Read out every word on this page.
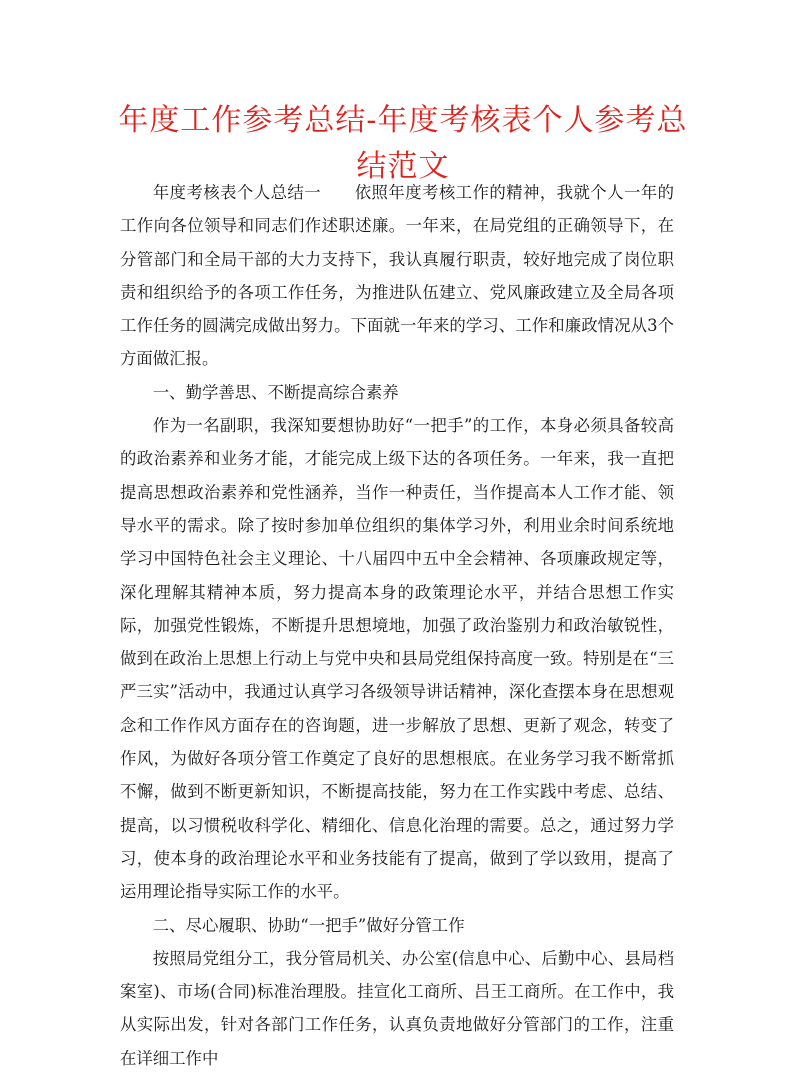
年度工作参考总结-年度考核表个人参考总结范文

年度考核表个人总结一　　依照年度考核工作的精神，我就个人一年的工作向各位领导和同志们作述职述廉。一年来，在局党组的正确领导下，在分管部门和全局干部的大力支持下，我认真履行职责，较好地完成了岗位职责和组织给予的各项工作任务，为推进队伍建立、党风廉政建立及全局各项工作任务的圆满完成做出努力。下面就一年来的学习、工作和廉政情况从3个方面做汇报。

一、勤学善思、不断提高综合素养

作为一名副职，我深知要想协助好“一把手”的工作，本身必须具备较高的政治素养和业务才能，才能完成上级下达的各项任务。一年来，我一直把提高思想政治素养和党性涵养，当作一种责任，当作提高本人工作才能、领导水平的需求。除了按时参加单位组织的集体学习外，利用业余时间系统地学习中国特色社会主义理论、十八届四中五中全会精神、各项廉政规定等，深化理解其精神本质，努力提高本身的政策理论水平，并结合思想工作实际，加强党性锻炼，不断提升思想境地，加强了政治鉴别力和政治敏锐性，做到在政治上思想上行动上与党中央和县局党组保持高度一致。特别是在“三严三实”活动中，我通过认真学习各级领导讲话精神，深化查摆本身在思想观念和工作作风方面存在的咨询题，进一步解放了思想、更新了观念，转变了作风，为做好各项分管工作奠定了良好的思想根底。在业务学习我不断常抓不懈，做到不断更新知识，不断提高技能，努力在工作实践中考虑、总结、提高，以习惯税收科学化、精细化、信息化治理的需要。总之，通过努力学习，使本身的政治理论水平和业务技能有了提高，做到了学以致用，提高了运用理论指导实际工作的水平。

二、尽心履职、协助“一把手”做好分管工作

按照局党组分工，我分管局机关、办公室(信息中心、后勤中心、县局档案室)、市场(合同)标准治理股。挂宣化工商所、吕王工商所。在工作中，我从实际出发，针对各部门工作任务，认真负责地做好分管部门的工作，注重在详细工作中
